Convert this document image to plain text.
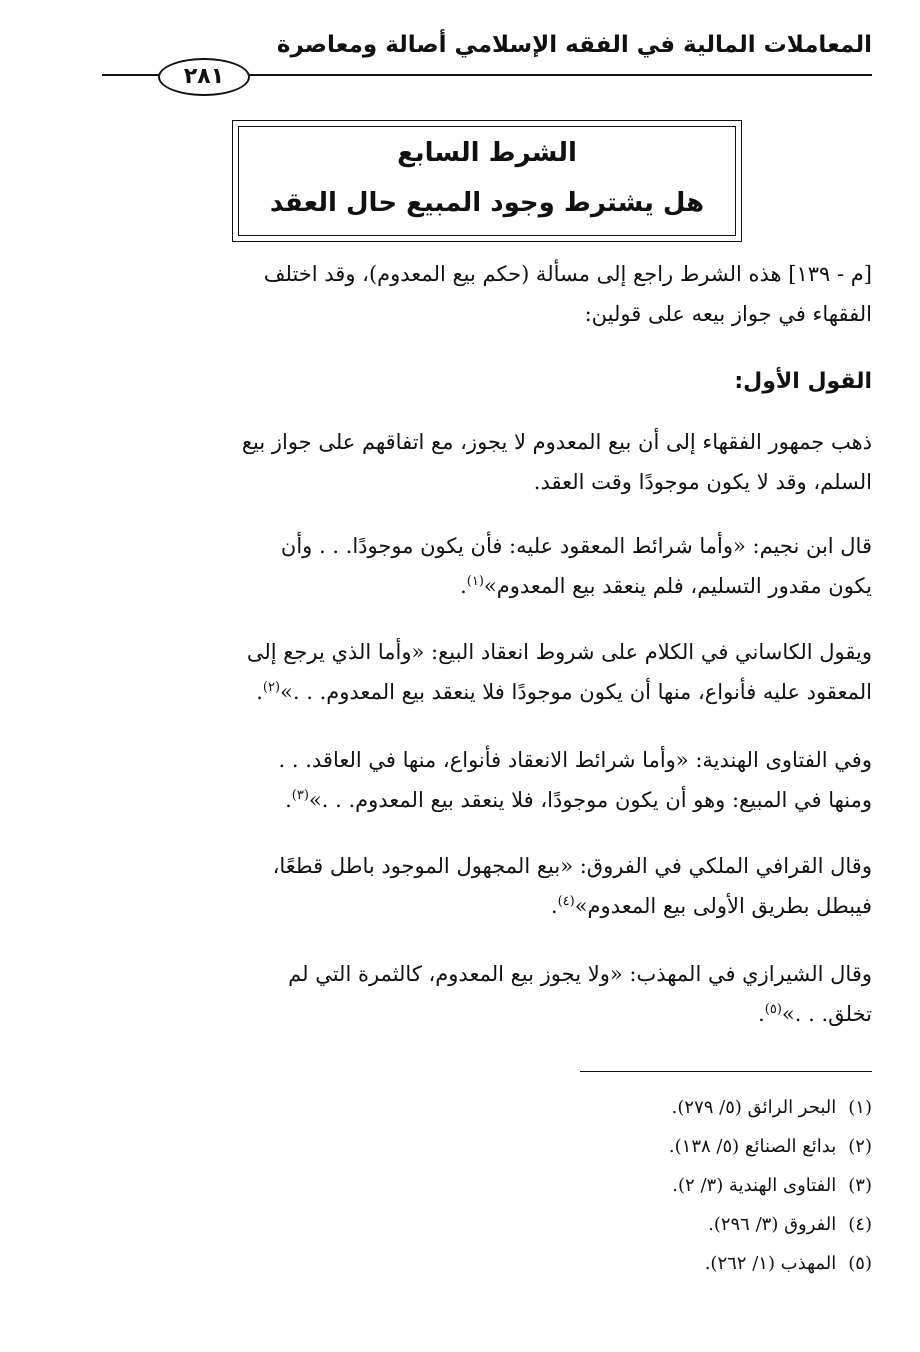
المعاملات المالية في الفقه الإسلامي أصالة ومعاصرة
٢٨١
الشرط السابع
هل يشترط وجود المبيع حال العقد
[م - ١٣٩] هذه الشرط راجع إلى مسألة (حكم بيع المعدوم)، وقد اختلف
الفقهاء في جواز بيعه على قولين:
القول الأول:
ذهب جمهور الفقهاء إلى أن بيع المعدوم لا يجوز، مع اتفاقهم على جواز بيع
السلم، وقد لا يكون موجودًا وقت العقد.
قال ابن نجيم: «وأما شرائط المعقود عليه: فأن يكون موجودًا. . . وأن
يكون مقدور التسليم، فلم ينعقد بيع المعدوم»$^{(١)}$.
ويقول الكاساني في الكلام على شروط انعقاد البيع: «وأما الذي يرجع إلى
المعقود عليه فأنواع، منها أن يكون موجودًا فلا ينعقد بيع المعدوم. . .»$^{(٢)}$.
وفي الفتاوى الهندية: «وأما شرائط الانعقاد فأنواع، منها في العاقد. . .
ومنها في المبيع: وهو أن يكون موجودًا، فلا ينعقد بيع المعدوم. . .»$^{(٣)}$.
وقال القرافي الملكي في الفروق: «بيع المجهول الموجود باطل قطعًا،
فيبطل بطريق الأولى بيع المعدوم»$^{(٤)}$.
وقال الشيرازي في المهذب: «ولا يجوز بيع المعدوم، كالثمرة التي لم
تخلق. . .»$^{(٥)}$.
(١)البحر الرائق (٥/ ٢٧٩).
(٢)بدائع الصنائع (٥/ ١٣٨).
(٣)الفتاوى الهندية (٣/ ٢).
(٤)الفروق (٣/ ٢٩٦).
(٥)المهذب (١/ ٢٦٢).
